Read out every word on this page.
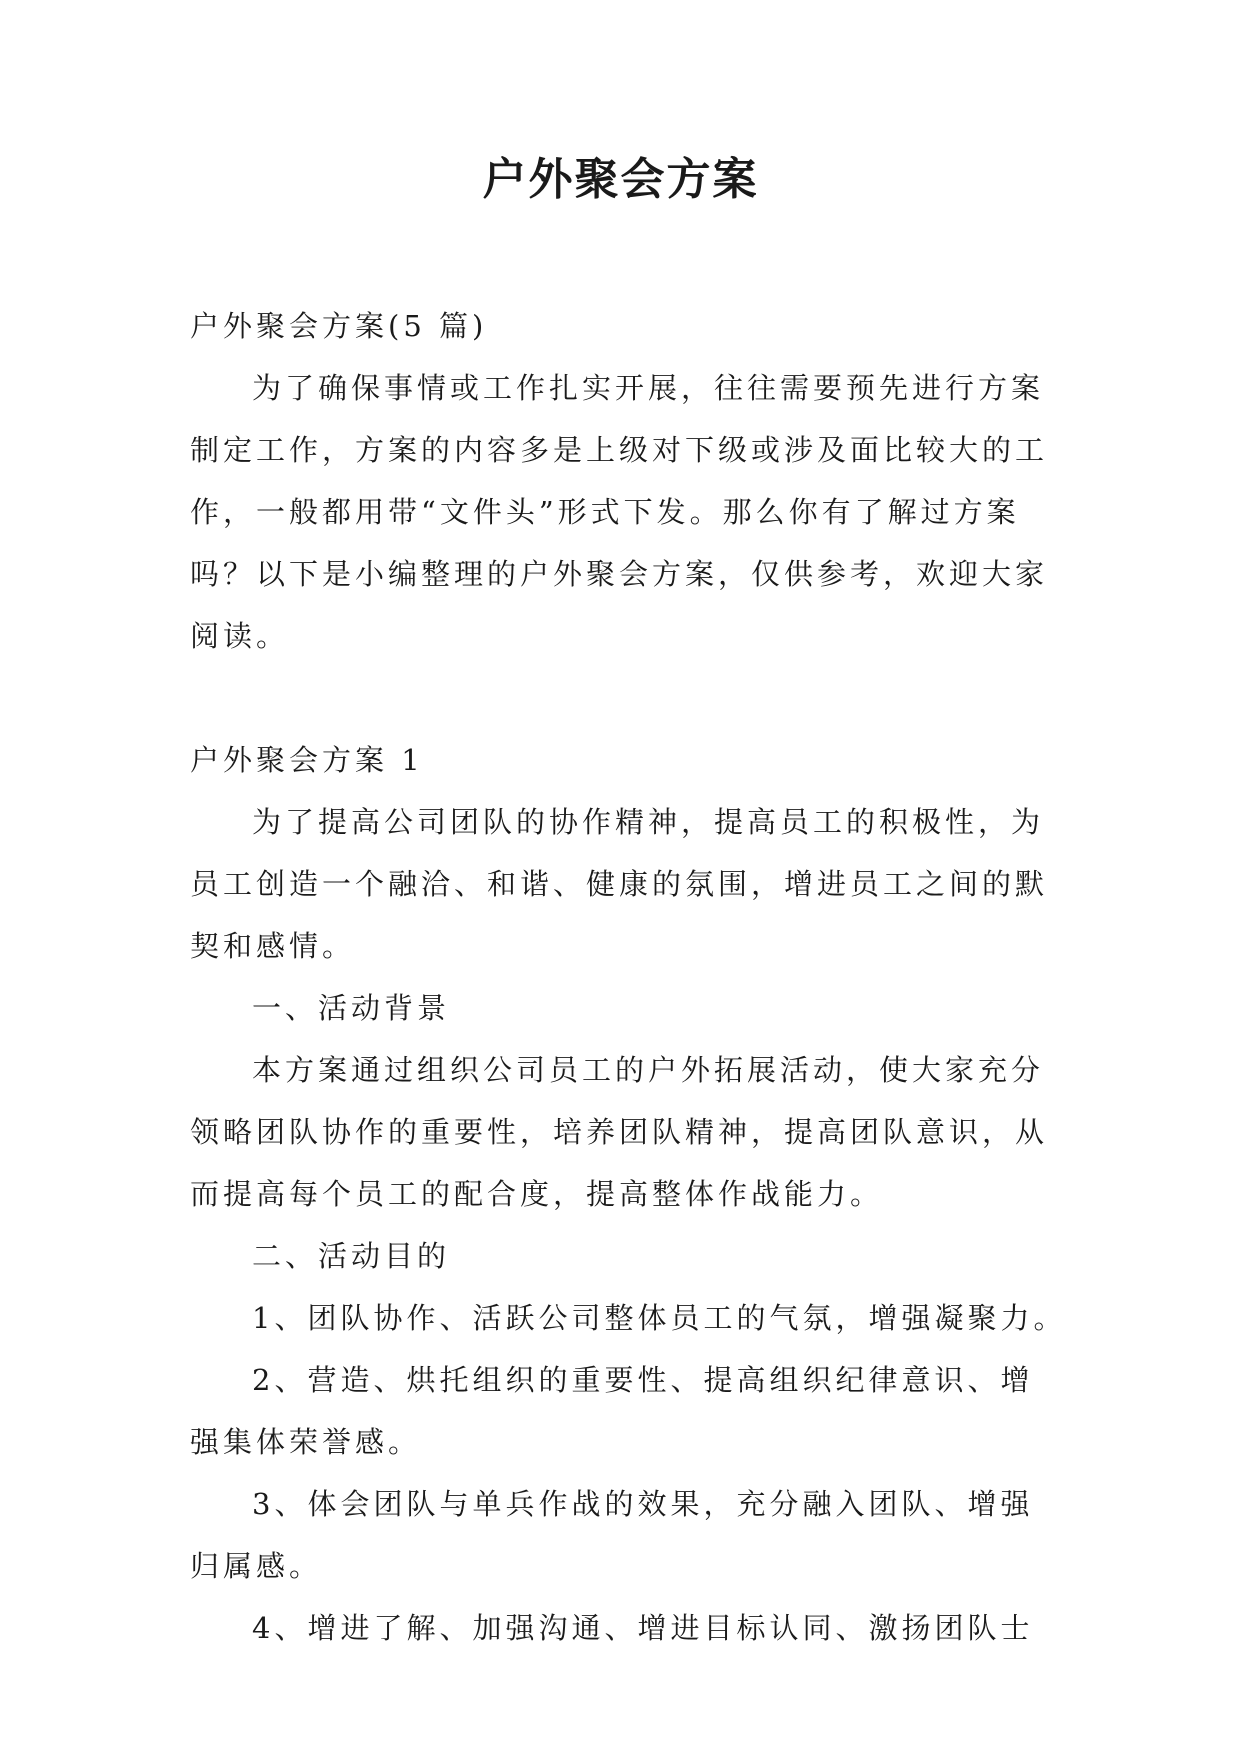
户外聚会方案

户外聚会方案(5 篇)

为了确保事情或工作扎实开展，往往需要预先进行方案

制定工作，方案的内容多是上级对下级或涉及面比较大的工

作，一般都用带“文件头”形式下发。那么你有了解过方案

吗？以下是小编整理的户外聚会方案，仅供参考，欢迎大家

阅读。

户外聚会方案 1

为了提高公司团队的协作精神，提高员工的积极性，为

员工创造一个融洽、和谐、健康的氛围，增进员工之间的默

契和感情。

一、活动背景

本方案通过组织公司员工的户外拓展活动，使大家充分

领略团队协作的重要性，培养团队精神，提高团队意识，从

而提高每个员工的配合度，提高整体作战能力。

二、活动目的

1、团队协作、活跃公司整体员工的气氛，增强凝聚力。

2、营造、烘托组织的重要性、提高组织纪律意识、增

强集体荣誉感。

3、体会团队与单兵作战的效果，充分融入团队、增强

归属感。

4、增进了解、加强沟通、增进目标认同、激扬团队士
